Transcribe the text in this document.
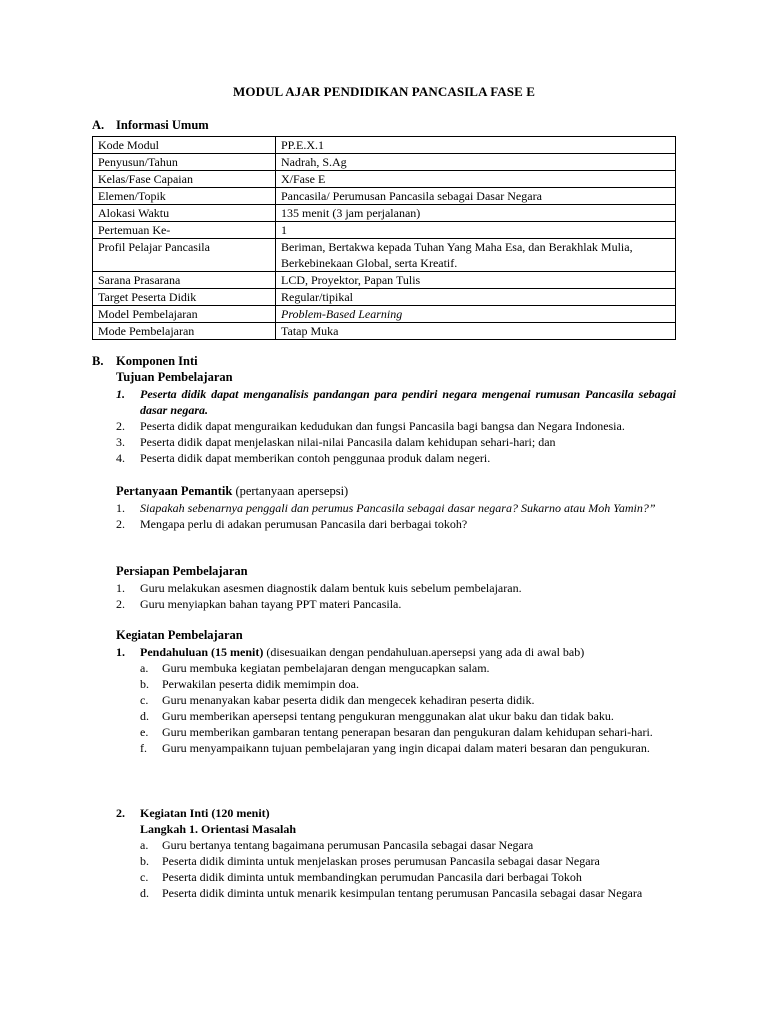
MODUL AJAR PENDIDIKAN PANCASILA FASE E
A. Informasi Umum
Kode Modul	PP.E.X.1
Penyusun/Tahun	Nadrah, S.Ag
Kelas/Fase Capaian	X/Fase E
Elemen/Topik	Pancasila/ Perumusan Pancasila sebagai Dasar Negara
Alokasi Waktu	135 menit (3 jam perjalanan)
Pertemuan Ke-	1
Profil Pelajar Pancasila	Beriman, Bertakwa kepada Tuhan Yang Maha Esa, dan Berakhlak Mulia, Berkebinekaan Global, serta Kreatif.
Sarana Prasarana	LCD, Proyektor, Papan Tulis
Target Peserta Didik	Regular/tipikal
Model Pembelajaran	Problem-Based Learning
Mode Pembelajaran	Tatap Muka
B. Komponen Inti
Tujuan Pembelajaran
1. Peserta didik dapat menganalisis pandangan para pendiri negara mengenai rumusan Pancasila sebagai dasar negara.
2. Peserta didik dapat menguraikan kedudukan dan fungsi Pancasila bagi bangsa dan Negara Indonesia.
3. Peserta didik dapat menjelaskan nilai-nilai Pancasila dalam kehidupan sehari-hari; dan
4. Peserta didik dapat memberikan contoh penggunaa produk dalam negeri.
Pertanyaan Pemantik (pertanyaan apersepsi)
1. Siapakah sebenarnya penggali dan perumus Pancasila sebagai dasar negara? Sukarno atau Moh Yamin?”
2. Mengapa perlu di adakan perumusan Pancasila dari berbagai tokoh?
Persiapan Pembelajaran
1. Guru melakukan asesmen diagnostik dalam bentuk kuis sebelum pembelajaran.
2. Guru menyiapkan bahan tayang PPT materi Pancasila.
Kegiatan Pembelajaran
1. Pendahuluan (15 menit) (disesuaikan dengan pendahuluan.apersepsi yang ada di awal bab)
a. Guru membuka kegiatan pembelajaran dengan mengucapkan salam.
b. Perwakilan peserta didik memimpin doa.
c. Guru menanyakan kabar peserta didik dan mengecek kehadiran peserta didik.
d. Guru memberikan apersepsi tentang pengukuran menggunakan alat ukur baku dan tidak baku.
e. Guru memberikan gambaran tentang penerapan besaran dan pengukuran dalam kehidupan sehari-hari.
f. Guru menyampaikann tujuan pembelajaran yang ingin dicapai dalam materi besaran dan pengukuran.
2. Kegiatan Inti (120 menit)
Langkah 1. Orientasi Masalah
a. Guru bertanya tentang bagaimana perumusan Pancasila sebagai dasar Negara
b. Peserta didik diminta untuk menjelaskan proses perumusan Pancasila sebagai dasar Negara
c. Peserta didik diminta untuk membandingkan perumudan Pancasila dari berbagai Tokoh
d. Peserta didik diminta untuk menarik kesimpulan tentang perumusan Pancasila sebagai dasar Negara
